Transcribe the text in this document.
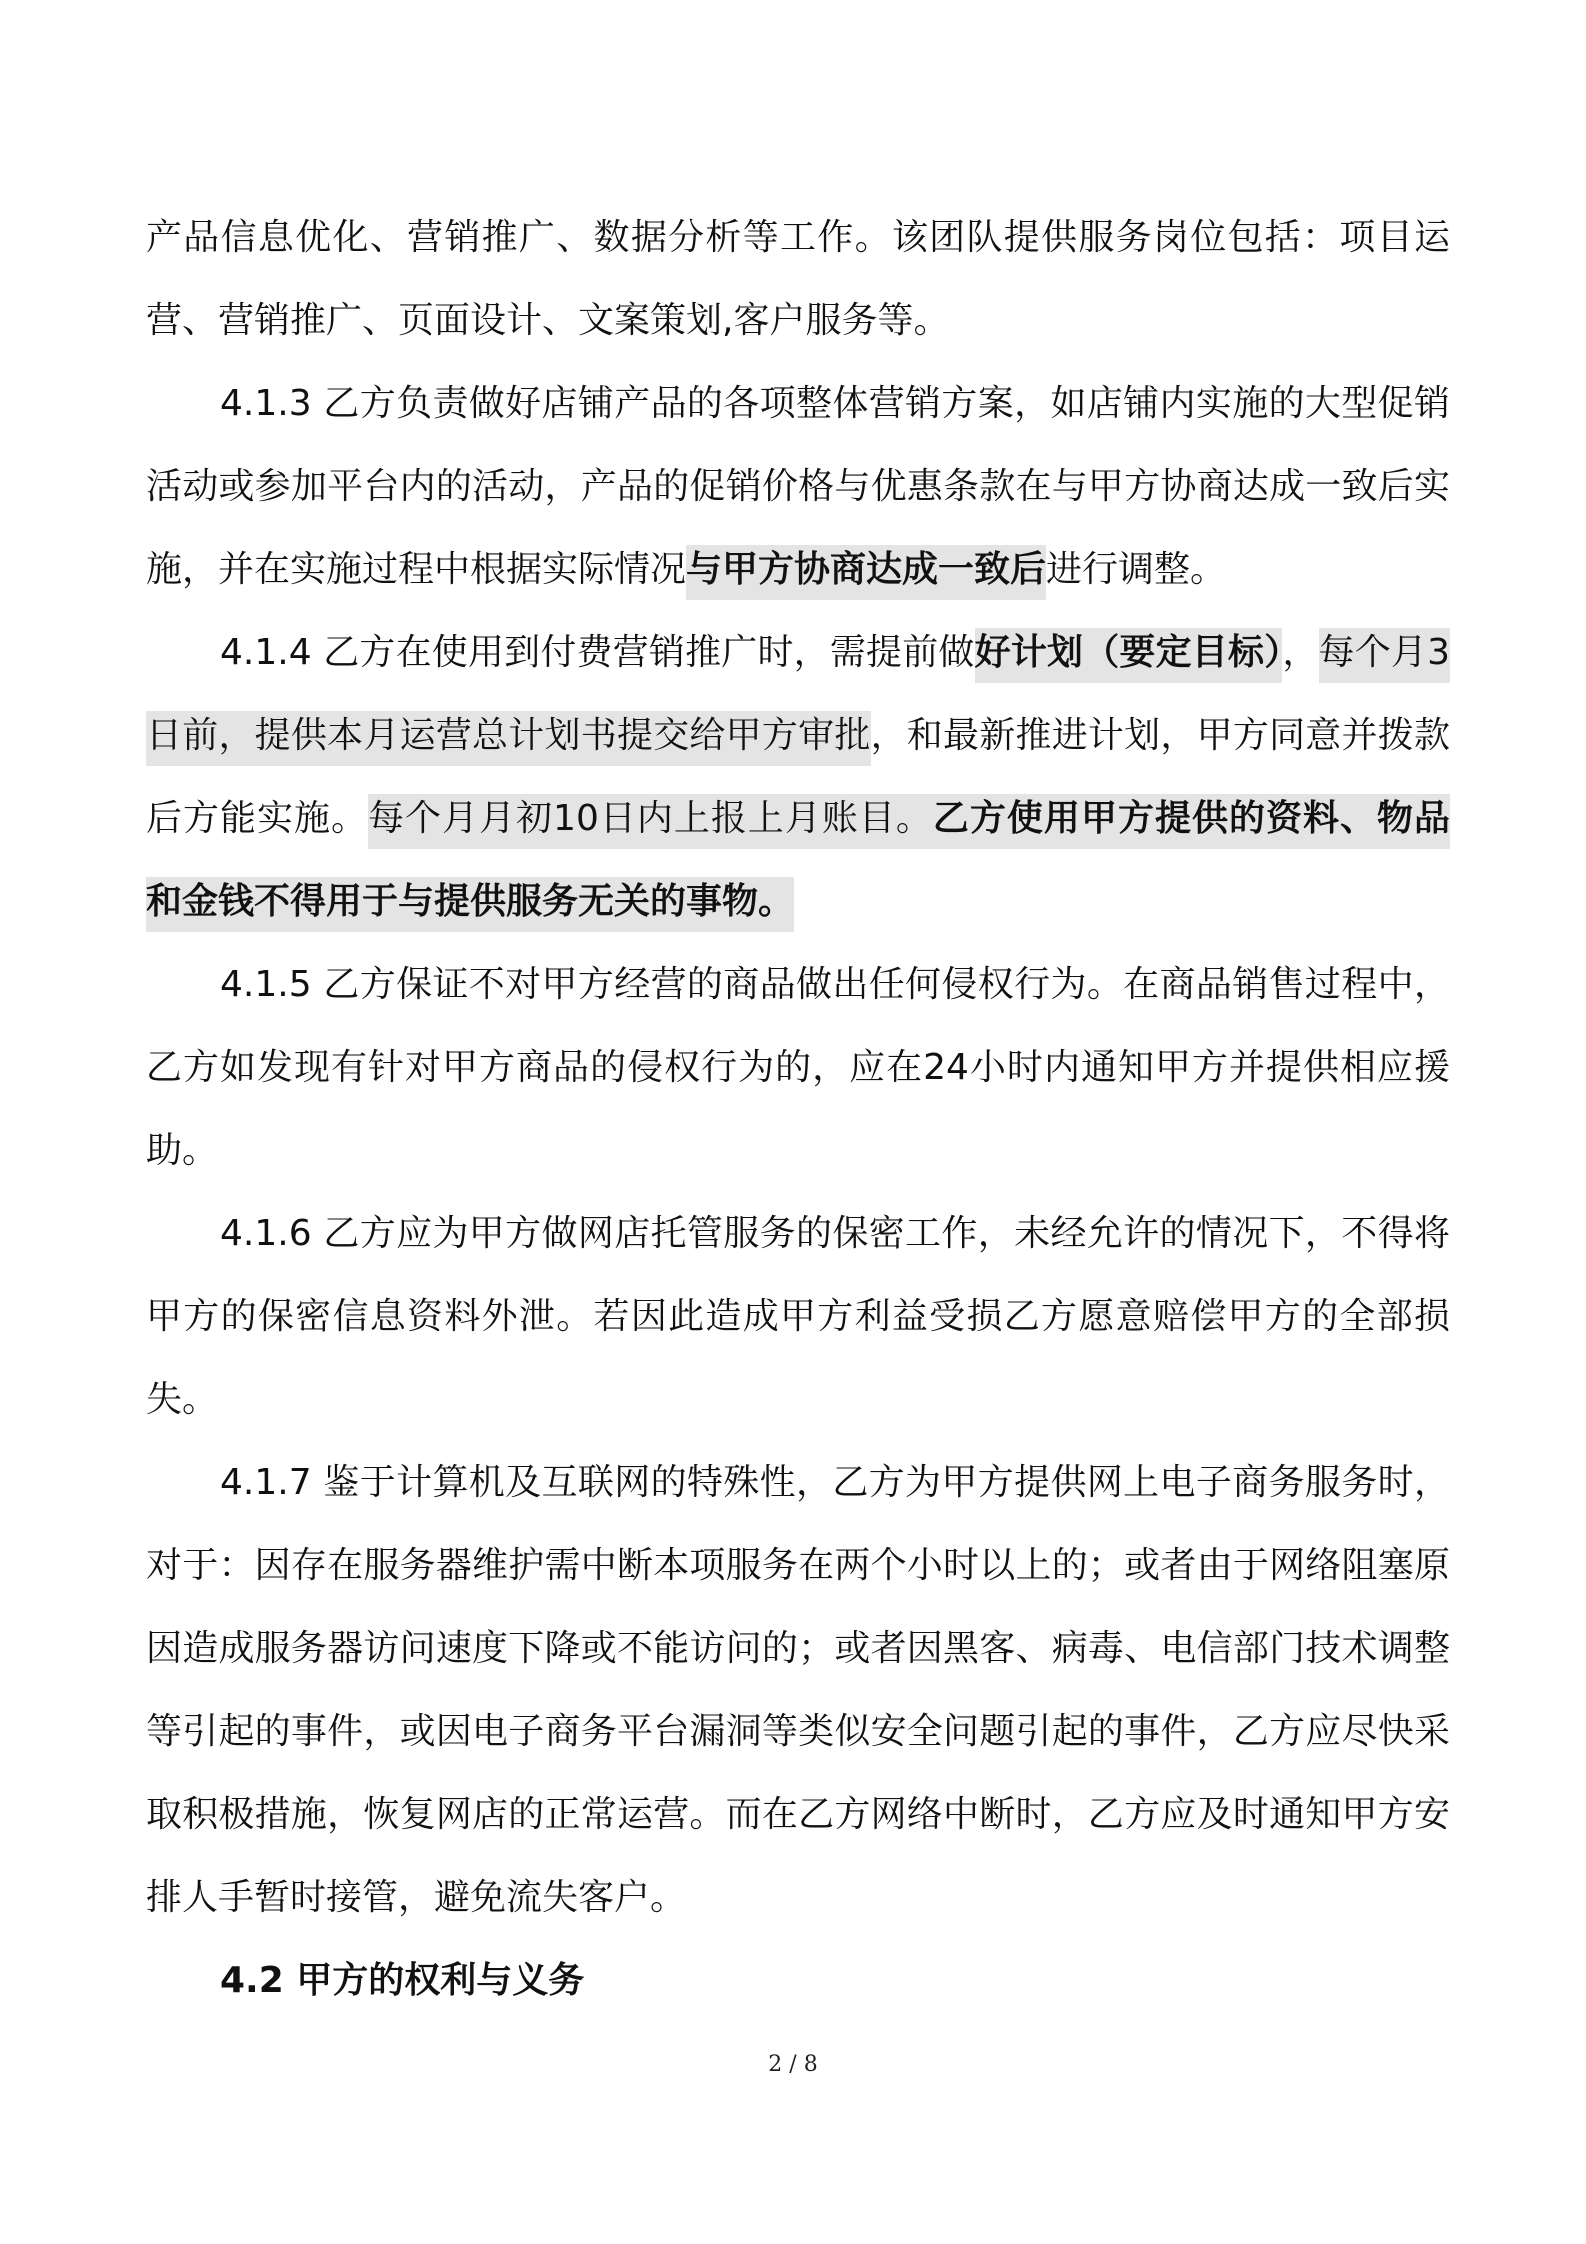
产品信息优化、营销推广、数据分析等工作。该团队提供服务岗位包括：项目运营、营销推广、页面设计、文案策划,客户服务等。

4.1.3 乙方负责做好店铺产品的各项整体营销方案，如店铺内实施的大型促销活动或参加平台内的活动，产品的促销价格与优惠条款在与甲方协商达成一致后实施，并在实施过程中根据实际情况与甲方协商达成一致后进行调整。

4.1.4 乙方在使用到付费营销推广时，需提前做好计划（要定目标），每个月3日前，提供本月运营总计划书提交给甲方审批，和最新推进计划，甲方同意并拨款后方能实施。每个月月初10日内上报上月账目。乙方使用甲方提供的资料、物品和金钱不得用于与提供服务无关的事物。

4.1.5 乙方保证不对甲方经营的商品做出任何侵权行为。在商品销售过程中，乙方如发现有针对甲方商品的侵权行为的，应在24小时内通知甲方并提供相应援助。

4.1.6 乙方应为甲方做网店托管服务的保密工作，未经允许的情况下，不得将甲方的保密信息资料外泄。若因此造成甲方利益受损乙方愿意赔偿甲方的全部损失。

4.1.7 鉴于计算机及互联网的特殊性，乙方为甲方提供网上电子商务服务时，对于：因存在服务器维护需中断本项服务在两个小时以上的；或者由于网络阻塞原因造成服务器访问速度下降或不能访问的；或者因黑客、病毒、电信部门技术调整等引起的事件，或因电子商务平台漏洞等类似安全问题引起的事件，乙方应尽快采取积极措施，恢复网店的正常运营。而在乙方网络中断时，乙方应及时通知甲方安排人手暂时接管，避免流失客户。

4.2 甲方的权利与义务

2 / 8
